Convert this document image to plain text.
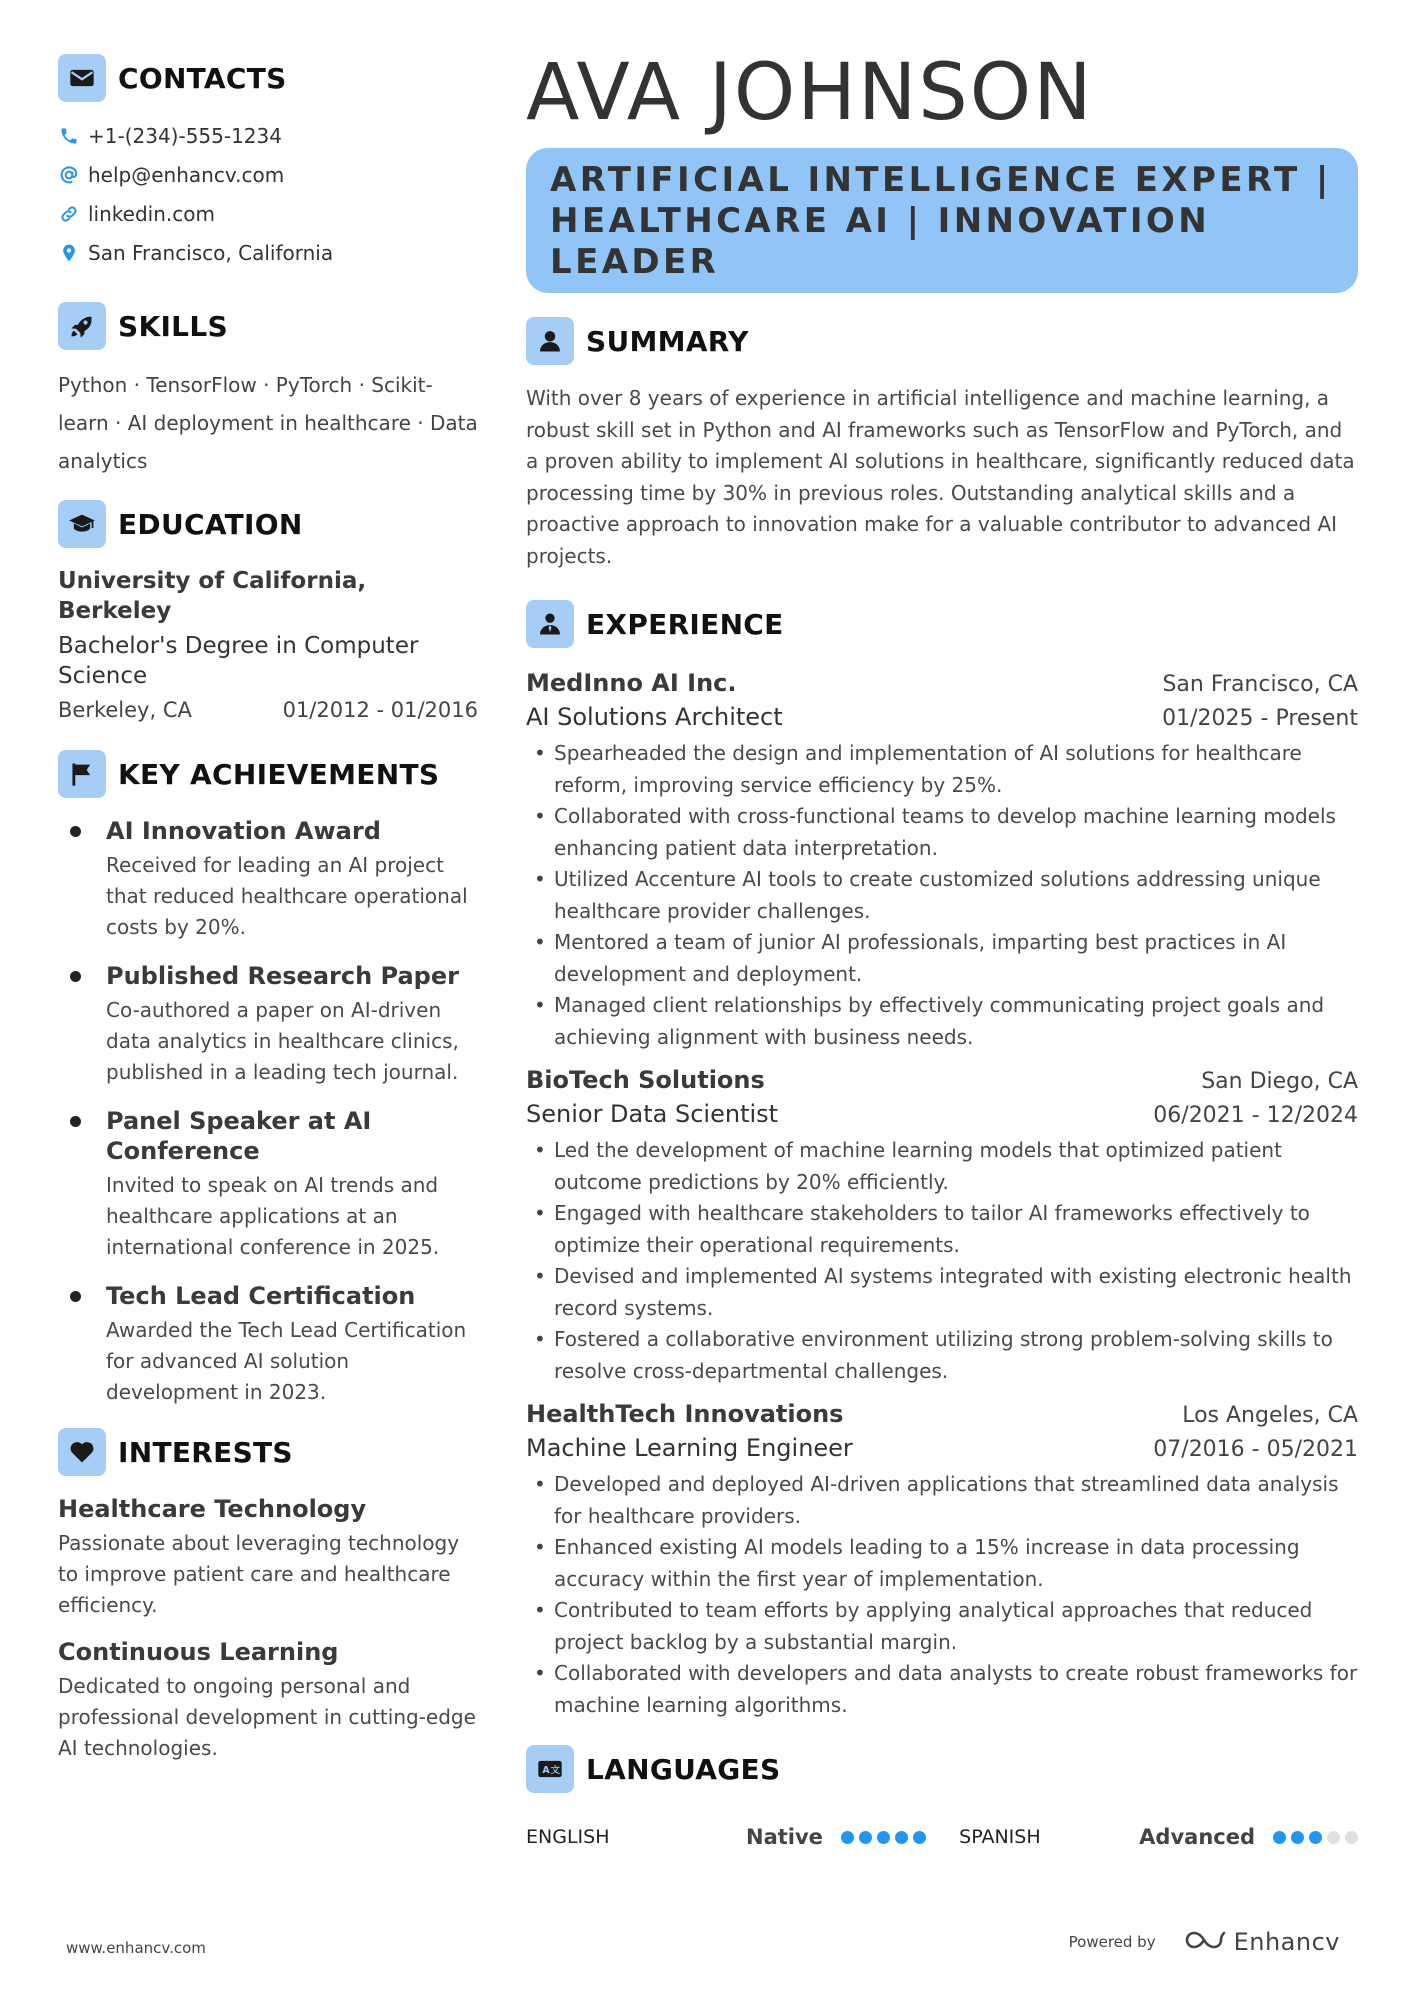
CONTACTS
+1-(234)-555-1234
help@enhancv.com
linkedin.com
San Francisco, California
SKILLS
Python · TensorFlow · PyTorch · Scikit-learn · AI deployment in healthcare · Data analytics
EDUCATION
University of California, Berkeley
Bachelor's Degree in Computer Science
Berkeley, CA	01/2012 - 01/2016
KEY ACHIEVEMENTS
AI Innovation Award
Received for leading an AI project that reduced healthcare operational costs by 20%.
Published Research Paper
Co-authored a paper on AI-driven data analytics in healthcare clinics, published in a leading tech journal.
Panel Speaker at AI Conference
Invited to speak on AI trends and healthcare applications at an international conference in 2025.
Tech Lead Certification
Awarded the Tech Lead Certification for advanced AI solution development in 2023.
INTERESTS
Healthcare Technology
Passionate about leveraging technology to improve patient care and healthcare efficiency.
Continuous Learning
Dedicated to ongoing personal and professional development in cutting-edge AI technologies.
AVA JOHNSON
ARTIFICIAL INTELLIGENCE EXPERT | HEALTHCARE AI | INNOVATION LEADER
SUMMARY
With over 8 years of experience in artificial intelligence and machine learning, a robust skill set in Python and AI frameworks such as TensorFlow and PyTorch, and a proven ability to implement AI solutions in healthcare, significantly reduced data processing time by 30% in previous roles. Outstanding analytical skills and a proactive approach to innovation make for a valuable contributor to advanced AI projects.
EXPERIENCE
MedInno AI Inc.	San Francisco, CA
AI Solutions Architect	01/2025 - Present
• Spearheaded the design and implementation of AI solutions for healthcare reform, improving service efficiency by 25%.
• Collaborated with cross-functional teams to develop machine learning models enhancing patient data interpretation.
• Utilized Accenture AI tools to create customized solutions addressing unique healthcare provider challenges.
• Mentored a team of junior AI professionals, imparting best practices in AI development and deployment.
• Managed client relationships by effectively communicating project goals and achieving alignment with business needs.
BioTech Solutions	San Diego, CA
Senior Data Scientist	06/2021 - 12/2024
• Led the development of machine learning models that optimized patient outcome predictions by 20% efficiently.
• Engaged with healthcare stakeholders to tailor AI frameworks effectively to optimize their operational requirements.
• Devised and implemented AI systems integrated with existing electronic health record systems.
• Fostered a collaborative environment utilizing strong problem-solving skills to resolve cross-departmental challenges.
HealthTech Innovations	Los Angeles, CA
Machine Learning Engineer	07/2016 - 05/2021
• Developed and deployed AI-driven applications that streamlined data analysis for healthcare providers.
• Enhanced existing AI models leading to a 15% increase in data processing accuracy within the first year of implementation.
• Contributed to team efforts by applying analytical approaches that reduced project backlog by a substantial margin.
• Collaborated with developers and data analysts to create robust frameworks for machine learning algorithms.
A 文 LANGUAGES
ENGLISH	Native	SPANISH	Advanced
www.enhancv.com	Powered by	Enhancv
